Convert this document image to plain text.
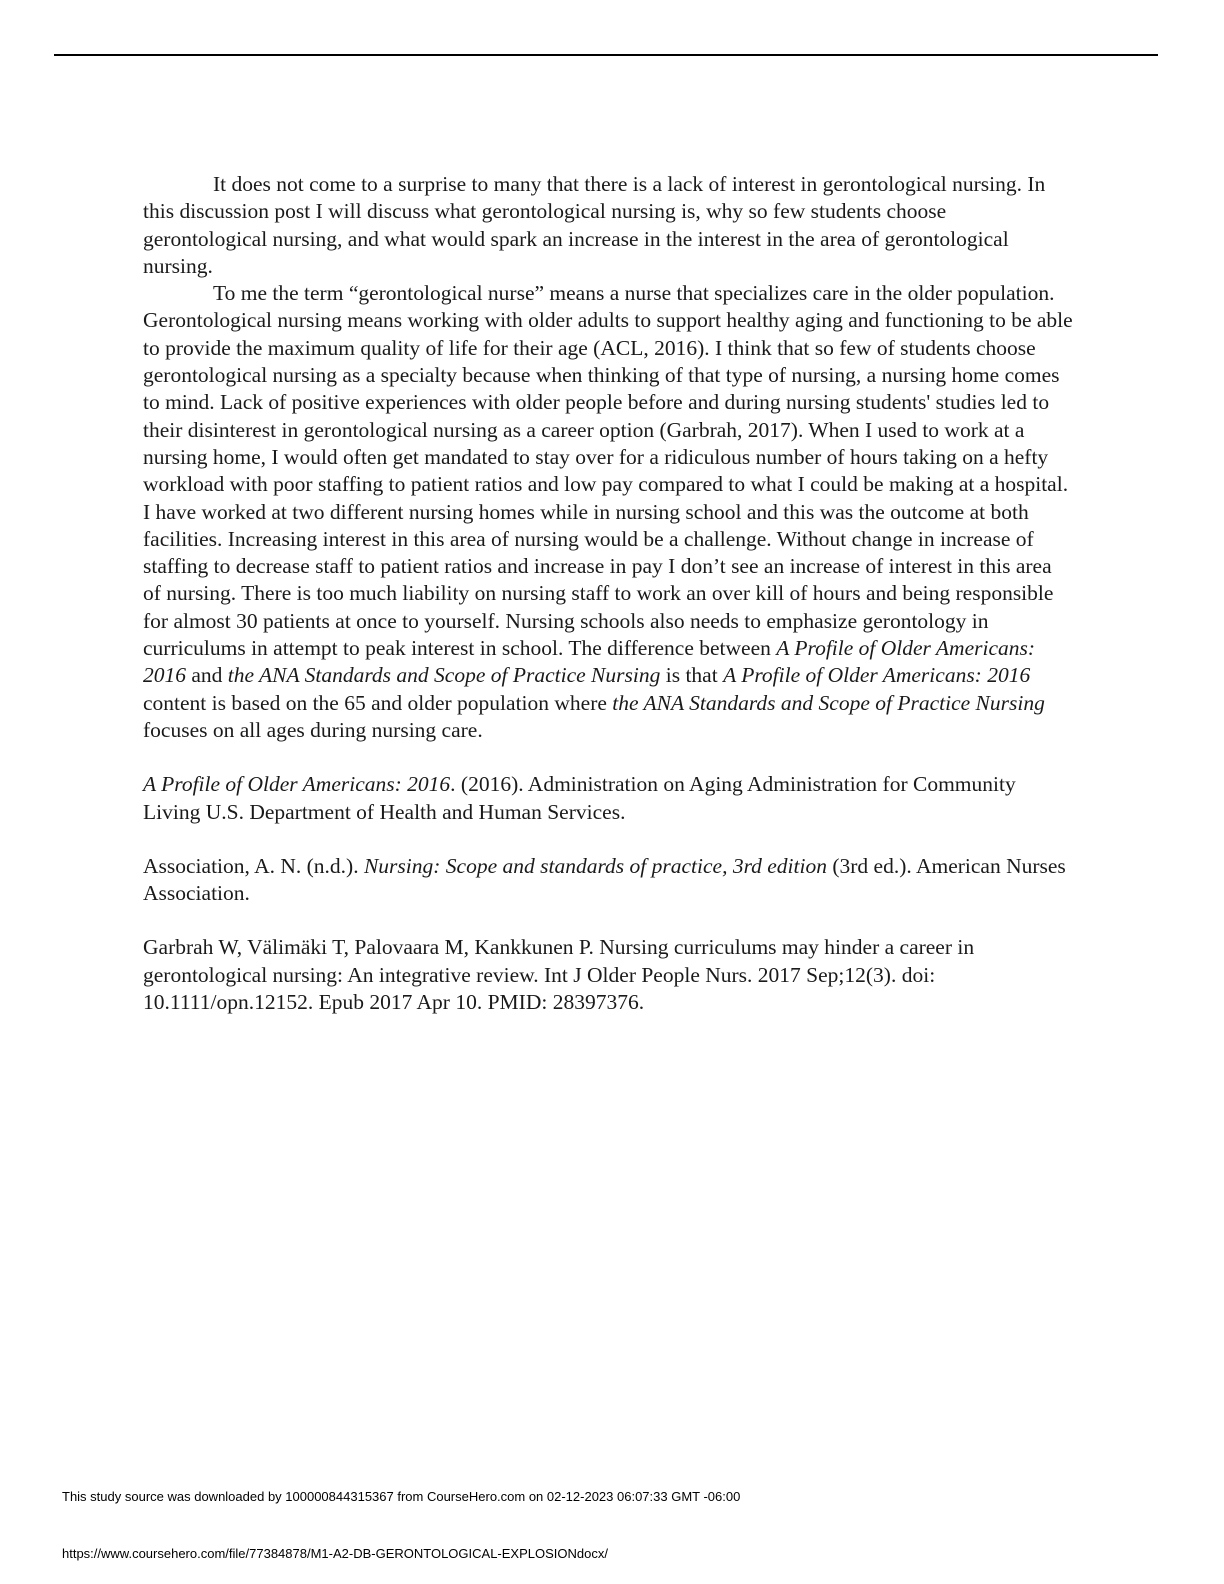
It does not come to a surprise to many that there is a lack of interest in gerontological nursing. In this discussion post I will discuss what gerontological nursing is, why so few students choose gerontological nursing, and what would spark an increase in the interest in the area of gerontological nursing.

To me the term “gerontological nurse” means a nurse that specializes care in the older population. Gerontological nursing means working with older adults to support healthy aging and functioning to be able to provide the maximum quality of life for their age (ACL, 2016). I think that so few of students choose gerontological nursing as a specialty because when thinking of that type of nursing, a nursing home comes to mind. Lack of positive experiences with older people before and during nursing students' studies led to their disinterest in gerontological nursing as a career option (Garbrah, 2017). When I used to work at a nursing home, I would often get mandated to stay over for a ridiculous number of hours taking on a hefty workload with poor staffing to patient ratios and low pay compared to what I could be making at a hospital. I have worked at two different nursing homes while in nursing school and this was the outcome at both facilities. Increasing interest in this area of nursing would be a challenge. Without change in increase of staffing to decrease staff to patient ratios and increase in pay I don’t see an increase of interest in this area of nursing. There is too much liability on nursing staff to work an over kill of hours and being responsible for almost 30 patients at once to yourself. Nursing schools also needs to emphasize gerontology in curriculums in attempt to peak interest in school. The difference between A Profile of Older Americans: 2016 and the ANA Standards and Scope of Practice Nursing is that A Profile of Older Americans: 2016 content is based on the 65 and older population where the ANA Standards and Scope of Practice Nursing focuses on all ages during nursing care.

A Profile of Older Americans: 2016. (2016). Administration on Aging Administration for Community Living U.S. Department of Health and Human Services.

Association, A. N. (n.d.). Nursing: Scope and standards of practice, 3rd edition (3rd ed.). American Nurses Association.

Garbrah W, Välimäki T, Palovaara M, Kankkunen P. Nursing curriculums may hinder a career in gerontological nursing: An integrative review. Int J Older People Nurs. 2017 Sep;12(3). doi: 10.1111/opn.12152. Epub 2017 Apr 10. PMID: 28397376.

This study source was downloaded by 100000844315367 from CourseHero.com on 02-12-2023 06:07:33 GMT -06:00
https://www.coursehero.com/file/77384878/M1-A2-DB-GERONTOLOGICAL-EXPLOSIONdocx/
